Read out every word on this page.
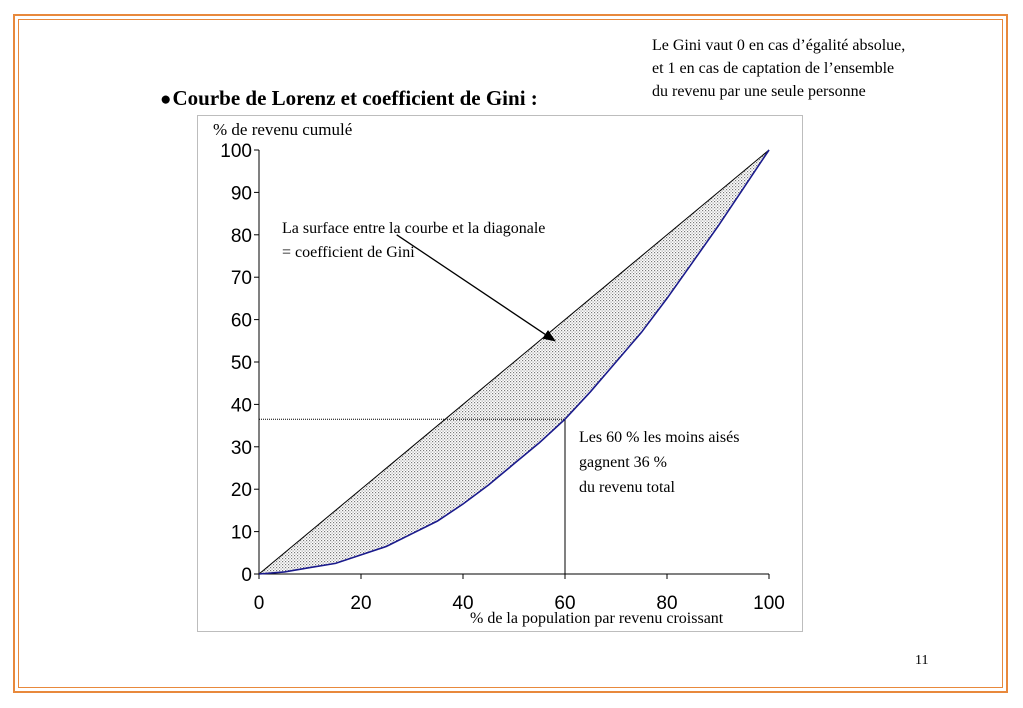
●Courbe de Lorenz et coefficient de Gini :
Le Gini vaut 0 en cas d’égalité absolue,
et 1 en cas de captation de l’ensemble
du revenu par une seule personne
0
10
20
30
40
50
60
70
80
90
100
0	20	40	60	80	100
% de revenu cumulé
% de la population par revenu croissant
La surface entre la courbe et la diagonale
= coefficient de Gini
Les 60 % les moins aisés
gagnent 36 %
du revenu total
11
